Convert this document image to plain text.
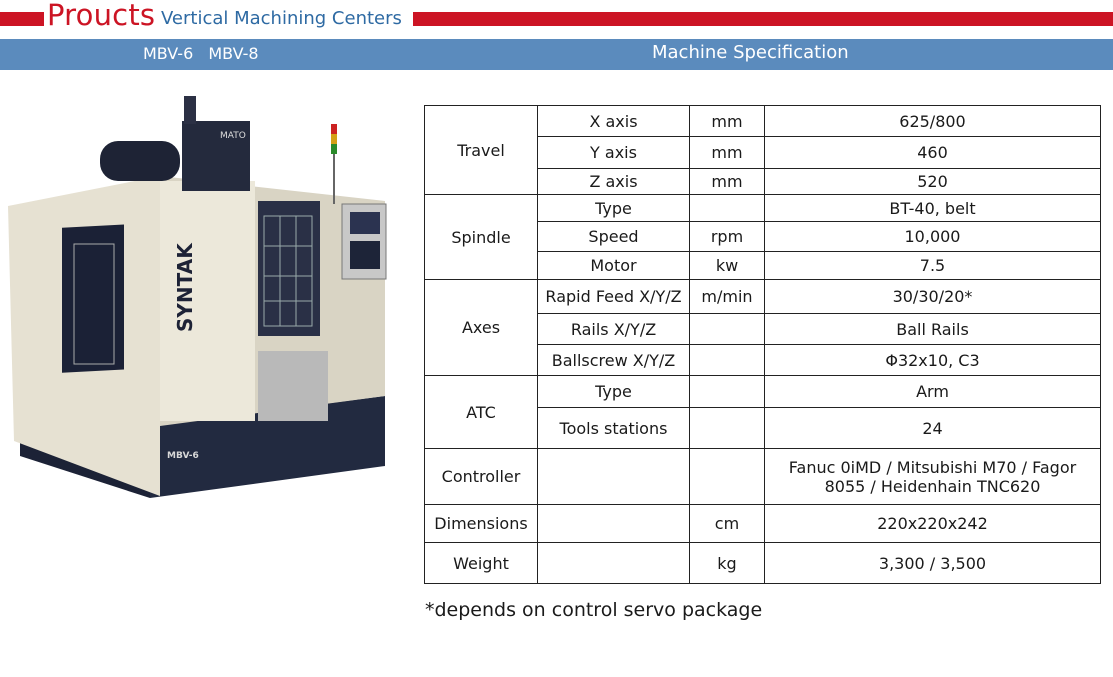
Proucts Vertical Machining Centers
MBV-6 MBV-8	Machine Specification
MATO
SYNTAK
MBV-6
Travel	X axis	mm	625/800
	Y axis	mm	460
	Z axis	mm	520
Spindle	Type		BT-40, belt
	Speed	rpm	10,000
	Motor	kw	7.5
Axes	Rapid Feed X/Y/Z	m/min	30/30/20*
	Rails X/Y/Z		Ball Rails
	Ballscrew X/Y/Z		Φ32x10, C3
ATC	Type		Arm
	Tools stations		24
Controller			Fanuc 0iMD / Mitsubishi M70 / Fagor 8055 / Heidenhain TNC620
Dimensions		cm	220x220x242
Weight		kg	3,300 / 3,500
*depends on control servo package
